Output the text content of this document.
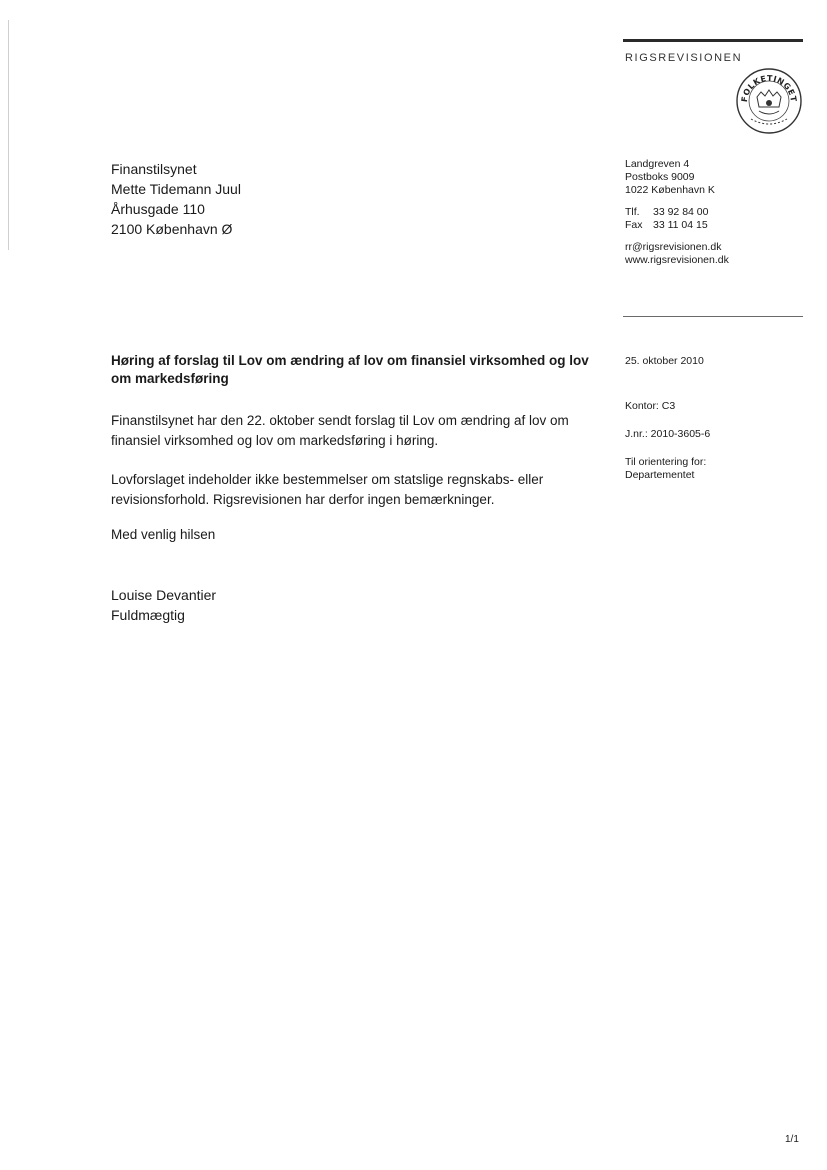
RIGSREVISIONEN
FOLKETINGET
Finanstilsynet
Mette Tidemann Juul
Århusgade 110
2100 København Ø
Landgreven 4
Postboks 9009
1022 København K
Tlf.	33 92 84 00
Fax 33 11 04 15
rr@rigsrevisionen.dk
www.rigsrevisionen.dk
Høring af forslag til Lov om ændring af lov om finansiel virksomhed og lov om markedsføring
Finanstilsynet har den 22. oktober sendt forslag til Lov om ændring af lov om finansiel virksomhed og lov om markedsføring i høring.
Lovforslaget indeholder ikke bestemmelser om statslige regnskabs- eller revisionsforhold. Rigsrevisionen har derfor ingen bemærkninger.
Med venlig hilsen
Louise Devantier
Fuldmægtig
25. oktober 2010
Kontor: C3
J.nr.: 2010-3605-6
Til orientering for:
Departementet
1/1
